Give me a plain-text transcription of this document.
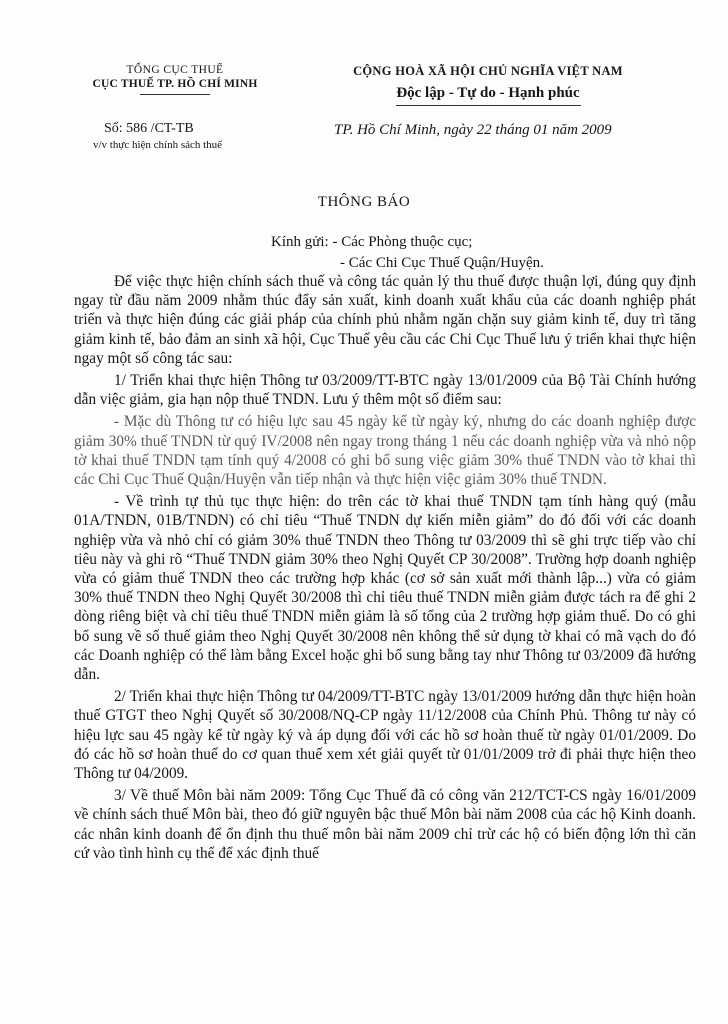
TỔNG CỤC THUẾ
CỤC THUẾ TP. HỒ CHÍ MINH
Số: 586 /CT-TB
v/v thực hiện chính sách thuế
CỘNG HOÀ XÃ HỘI CHỦ NGHĨA VIỆT NAM
Độc lập - Tự do - Hạnh phúc
TP. Hồ Chí Minh, ngày 22 tháng 01 năm 2009
THÔNG BÁO
Kính gửi: - Các Phòng thuộc cục;
- Các Chi Cục Thuế Quận/Huyện.

Để việc thực hiện chính sách thuế và công tác quản lý thu thuế được thuận lợi, đúng quy định ngay từ đầu năm 2009 nhằm thúc đẩy sản xuất, kinh doanh xuất khẩu của các doanh nghiệp phát triển và thực hiện đúng các giải pháp của chính phủ nhằm ngăn chặn suy giảm kinh tế, duy trì tăng giảm kinh tế, bảo đảm an sinh xã hội, Cục Thuế yêu cầu các Chi Cục Thuế lưu ý triển khai thực hiện ngay một số công tác sau:

1/ Triển khai thực hiện Thông tư 03/2009/TT-BTC ngày 13/01/2009 của Bộ Tài Chính hướng dẫn việc giảm, gia hạn nộp thuế TNDN. Lưu ý thêm một số điểm sau:

- Mặc dù Thông tư có hiệu lực sau 45 ngày kể từ ngày ký, nhưng do các doanh nghiệp được giảm 30% thuế TNDN từ quý IV/2008 nên ngay trong tháng 1 nếu các doanh nghiệp vừa và nhỏ nộp tờ khai thuế TNDN tạm tính quý 4/2008 có ghi bổ sung việc giảm 30% thuế TNDN vào tờ khai thì các Chi Cục Thuế Quận/Huyện vẫn tiếp nhận và thực hiện việc giảm 30% thuế TNDN.

- Về trình tự thủ tục thực hiện: do trên các tờ khai thuế TNDN tạm tính hàng quý (mẫu 01A/TNDN, 01B/TNDN) có chỉ tiêu “Thuế TNDN dự kiến miễn giảm” do đó đối với các doanh nghiệp vừa và nhỏ chỉ có giảm 30% thuế TNDN theo Thông tư 03/2009 thì sẽ ghi trực tiếp vào chỉ tiêu này và ghi rõ “Thuế TNDN giảm 30% theo Nghị Quyết CP 30/2008”. Trường hợp doanh nghiệp vừa có giảm thuế TNDN theo các trường hợp khác (cơ sở sản xuất mới thành lập...) vừa có giảm 30% thuế TNDN theo Nghị Quyết 30/2008 thì chỉ tiêu thuế TNDN miễn giảm được tách ra để ghi 2 dòng riêng biệt và chỉ tiêu thuế TNDN miễn giảm là số tổng của 2 trường hợp giảm thuế. Do có ghi bổ sung về số thuế giảm theo Nghị Quyết 30/2008 nên không thể sử dụng tờ khai có mã vạch do đó các Doanh nghiệp có thể làm bằng Excel hoặc ghi bổ sung bằng tay như Thông tư 03/2009 đã hướng dẫn.

2/ Triển khai thực hiện Thông tư 04/2009/TT-BTC ngày 13/01/2009 hướng dẫn thực hiện hoàn thuế GTGT theo Nghị Quyết số 30/2008/NQ-CP ngày 11/12/2008 của Chính Phủ. Thông tư này có hiệu lực sau 45 ngày kể từ ngày ký và áp dụng đối với các hồ sơ hoàn thuế từ ngày 01/01/2009. Do đó các hồ sơ hoàn thuế do cơ quan thuế xem xét giải quyết từ 01/01/2009 trở đi phải thực hiện theo Thông tư 04/2009.

3/ Về thuế Môn bài năm 2009: Tổng Cục Thuế đã có công văn 212/TCT-CS ngày 16/01/2009 về chính sách thuế Môn bài, theo đó giữ nguyên bậc thuế Môn bài năm 2008 của các hộ Kinh doanh. các nhân kinh doanh để ổn định thu thuế môn bài năm 2009 chỉ trừ các hộ có biến động lớn thì căn cứ vào tình hình cụ thể để xác định thuế
